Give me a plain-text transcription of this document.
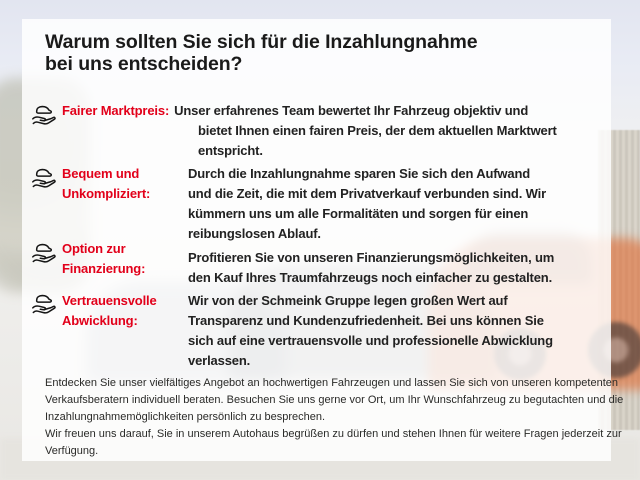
Warum sollten Sie sich für die Inzahlungnahme
bei uns entscheiden?
Fairer Marktpreis: Unser erfahrenes Team bewertet Ihr Fahrzeug objektiv und
bietet Ihnen einen fairen Preis, der dem aktuellen Marktwert
entspricht.
Bequem und
Unkompliziert:
Durch die Inzahlungnahme sparen Sie sich den Aufwand
und die Zeit, die mit dem Privatverkauf verbunden sind. Wir
kümmern uns um alle Formalitäten und sorgen für einen
reibungslosen Ablauf.
Option zur
Finanzierung:
Profitieren Sie von unseren Finanzierungsmöglichkeiten, um
den Kauf Ihres Traumfahrzeugs noch einfacher zu gestalten.
Vertrauensvolle
Abwicklung:
Wir von der Schmeink Gruppe legen großen Wert auf
Transparenz und Kundenzufriedenheit. Bei uns können Sie
sich auf eine vertrauensvolle und professionelle Abwicklung
verlassen.
Entdecken Sie unser vielfältiges Angebot an hochwertigen Fahrzeugen und lassen Sie sich von unseren kompetenten
Verkaufsberatern individuell beraten. Besuchen Sie uns gerne vor Ort, um Ihr Wunschfahrzeug zu begutachten und die
Inzahlungnahmemöglichkeiten persönlich zu besprechen.
Wir freuen uns darauf, Sie in unserem Autohaus begrüßen zu dürfen und stehen Ihnen für weitere Fragen jederzeit zur
Verfügung.
